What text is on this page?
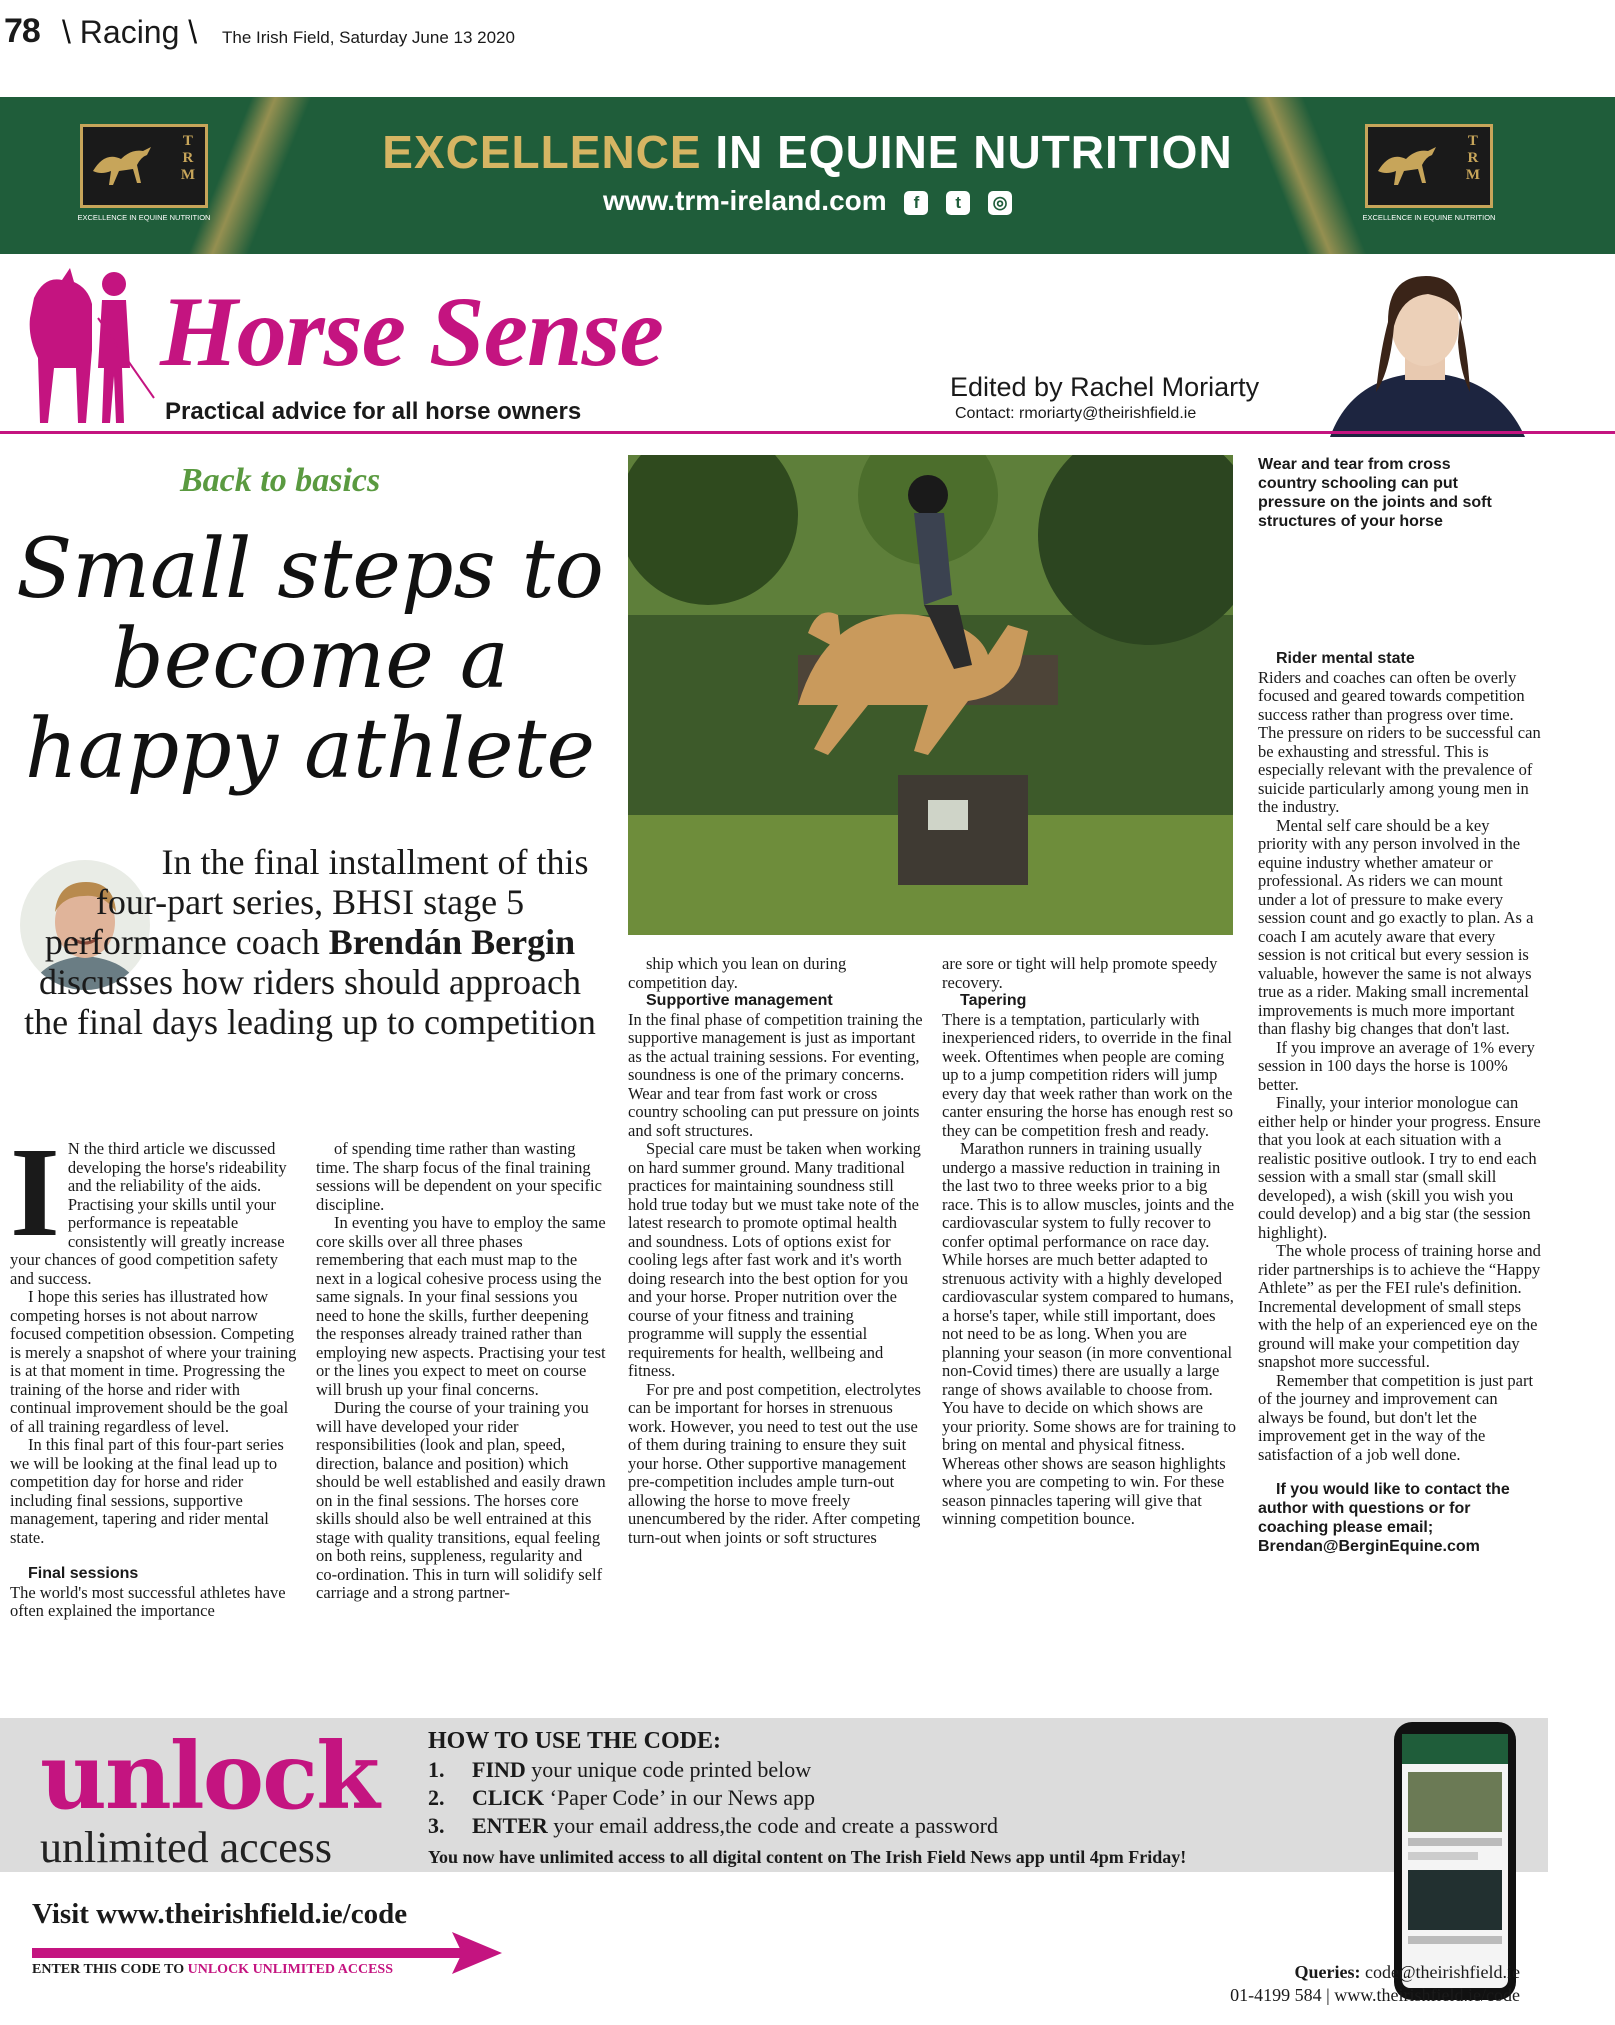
78 \ Racing \ The Irish Field, Saturday June 13 2020
T
R
M
EXCELLENCE IN EQUINE NUTRITION
T
R
M
EXCELLENCE IN EQUINE NUTRITION
EXCELLENCE IN EQUINE NUTRITION
www.trm-ireland.com f t ◎
Horse Sense
Practical advice for all horse owners
Edited by Rachel Moriarty
Contact: rmoriarty@theirishfield.ie
Back to basics
Small steps to become a happy athlete
In the final installment of this four-part series, BHSI stage 5 performance coach Brendán Bergin discusses how riders should approach the final days leading up to competition
Wear and tear from cross country schooling can put pressure on the joints and soft structures of your horse
I N the third article we discussed developing the horse's rideability and the reliability of the aids. Practising your skills until your performance is repeatable consistently will greatly increase your chances of good competition safety and success.

I hope this series has illustrated how competing horses is not about narrow focused competition obsession. Competing is merely a snapshot of where your training is at that moment in time. Progressing the training of the horse and rider with continual improvement should be the goal of all training regardless of level.

In this final part of this four-part series we will be looking at the final lead up to competition day for horse and rider including final sessions, supportive management, tapering and rider mental state.

Final sessions

The world's most successful athletes have often explained the importance

of spending time rather than wasting time. The sharp focus of the final training sessions will be dependent on your specific discipline.

In eventing you have to employ the same core skills over all three phases remembering that each must map to the next in a logical cohesive process using the same signals. In your final sessions you need to hone the skills, further deepening the responses already trained rather than employing new aspects. Practising your test or the lines you expect to meet on course will brush up your final concerns.

During the course of your training you will have developed your rider responsibilities (look and plan, speed, direction, balance and position) which should be well established and easily drawn on in the final sessions. The horses core skills should also be well entrained at this stage with quality transitions, equal feeling on both reins, suppleness, regularity and co-ordination. This in turn will solidify self carriage and a strong partner-

ship which you lean on during competition day.

Supportive management

In the final phase of competition training the supportive management is just as important as the actual training sessions. For eventing, soundness is one of the primary concerns. Wear and tear from fast work or cross country schooling can put pressure on joints and soft structures.

Special care must be taken when working on hard summer ground. Many traditional practices for maintaining soundness still hold true today but we must take note of the latest research to promote optimal health and soundness. Lots of options exist for cooling legs after fast work and it's worth doing research into the best option for you and your horse. Proper nutrition over the course of your fitness and training programme will supply the essential requirements for health, wellbeing and fitness.

For pre and post competition, electrolytes can be important for horses in strenuous work. However, you need to test out the use of them during training to ensure they suit your horse. Other supportive management pre-competition includes ample turn-out allowing the horse to move freely unencumbered by the rider. After competing turn-out when joints or soft structures

are sore or tight will help promote speedy recovery.

Tapering

There is a temptation, particularly with inexperienced riders, to override in the final week. Oftentimes when people are coming up to a jump competition riders will jump every day that week rather than work on the canter ensuring the horse has enough rest so they can be competition fresh and ready.

Marathon runners in training usually undergo a massive reduction in training in the last two to three weeks prior to a big race. This is to allow muscles, joints and the cardiovascular system to fully recover to confer optimal performance on race day. While horses are much better adapted to strenuous activity with a highly developed cardiovascular system compared to humans, a horse's taper, while still important, does not need to be as long. When you are planning your season (in more conventional non-Covid times) there are usually a large range of shows available to choose from. You have to decide on which shows are your priority. Some shows are for training to bring on mental and physical fitness. Whereas other shows are season highlights where you are competing to win. For these season pinnacles tapering will give that winning competition bounce.

Rider mental state

Riders and coaches can often be overly focused and geared towards competition success rather than progress over time. The pressure on riders to be successful can be exhausting and stressful. This is especially relevant with the prevalence of suicide particularly among young men in the industry.

Mental self care should be a key priority with any person involved in the equine industry whether amateur or professional. As riders we can mount under a lot of pressure to make every session count and go exactly to plan. As a coach I am acutely aware that every session is not critical but every session is valuable, however the same is not always true as a rider. Making small incremental improvements is much more important than flashy big changes that don't last.

If you improve an average of 1% every session in 100 days the horse is 100% better.

Finally, your interior monologue can either help or hinder your progress. Ensure that you look at each situation with a realistic positive outlook. I try to end each session with a small star (small skill developed), a wish (skill you wish you could develop) and a big star (the session highlight).

The whole process of training horse and rider partnerships is to achieve the “Happy Athlete” as per the FEI rule's definition. Incremental development of small steps with the help of an experienced eye on the ground will make your competition day snapshot more successful.

Remember that competition is just part of the journey and improvement can always be found, but don't let the improvement get in the way of the satisfaction of a job well done.

If you would like to contact the author with questions or for coaching please email; Brendan@BerginEquine.com

unlock
unlimited access
HOW TO USE THE CODE:
1. FIND your unique code printed below
2. CLICK ‘Paper Code’ in our News app
3. ENTER your email address,the code and create a password
You now have unlimited access to all digital content on The Irish Field News app until 4pm Friday!
Visit www.theirishfield.ie/code
ENTER THIS CODE TO UNLOCK UNLIMITED ACCESS	Queries: code@theirishfield.ie
01-4199 584 | www.theirishfield.ie/code
